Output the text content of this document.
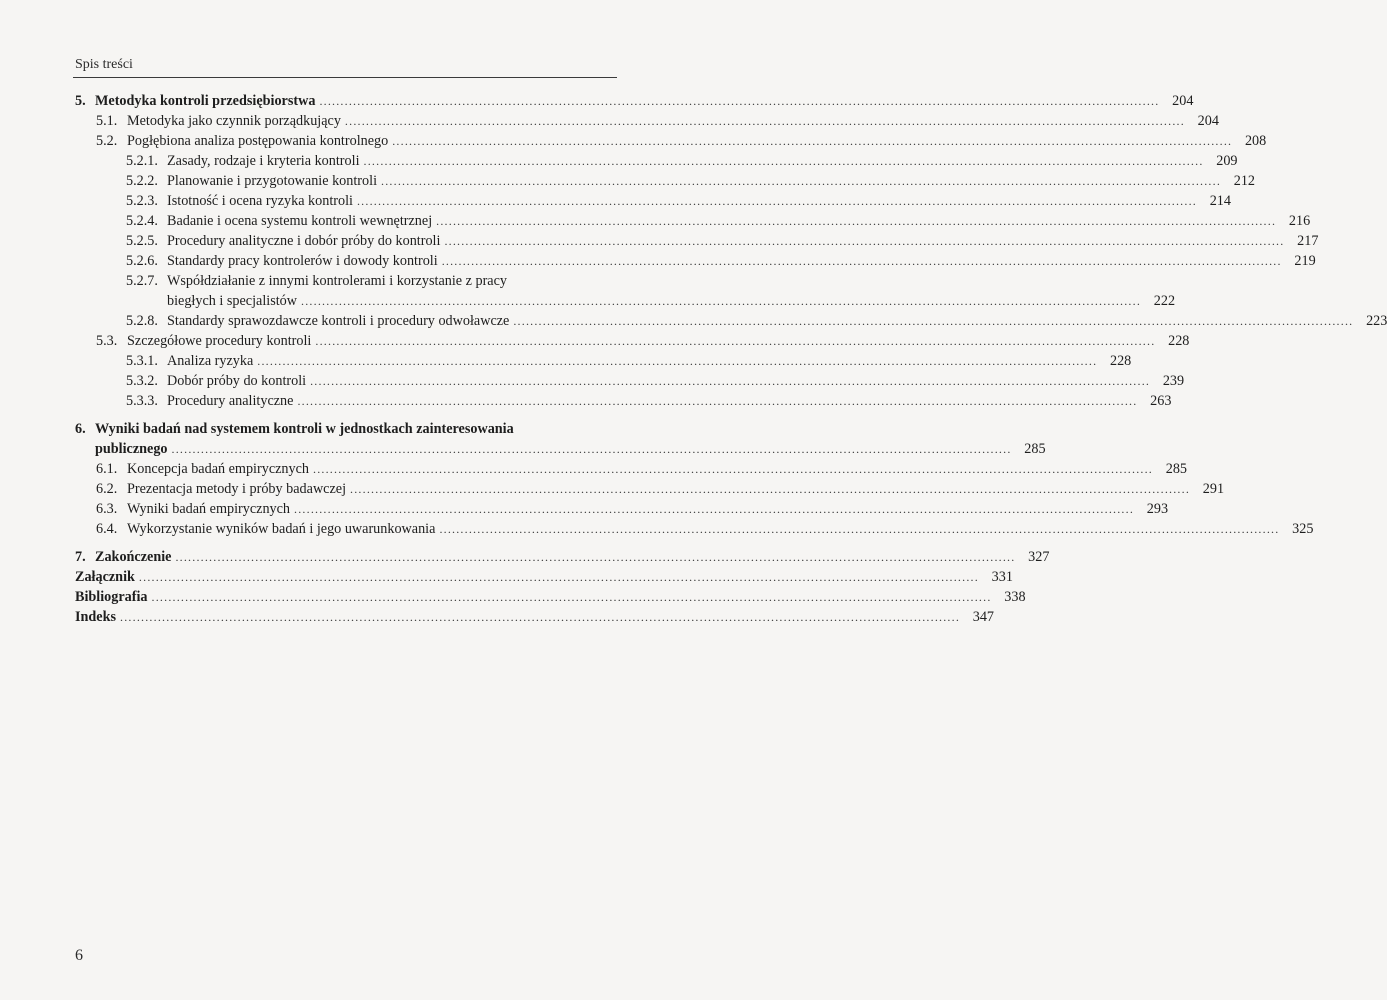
Spis treści
5. Metodyka kontroli przedsiębiorstwa ........................................................................................................................................................................................................ 204
5.1. Metodyka jako czynnik porządkujący ........................................................................................................................................................................................................ 204
5.2. Pogłębiona analiza postępowania kontrolnego ........................................................................................................................................................................................................ 208
5.2.1. Zasady, rodzaje i kryteria kontroli ........................................................................................................................................................................................................ 209
5.2.2. Planowanie i przygotowanie kontroli ........................................................................................................................................................................................................ 212
5.2.3. Istotność i ocena ryzyka kontroli ........................................................................................................................................................................................................ 214
5.2.4. Badanie i ocena systemu kontroli wewnętrznej ........................................................................................................................................................................................................ 216
5.2.5. Procedury analityczne i dobór próby do kontroli ........................................................................................................................................................................................................ 217
5.2.6. Standardy pracy kontrolerów i dowody kontroli ........................................................................................................................................................................................................ 219
5.2.7. Współdziałanie z innymi kontrolerami i korzystanie z pracy
biegłych i specjalistów ........................................................................................................................................................................................................ 222
5.2.8. Standardy sprawozdawcze kontroli i procedury odwoławcze ........................................................................................................................................................................................................ 223
5.3. Szczegółowe procedury kontroli ........................................................................................................................................................................................................ 228
5.3.1. Analiza ryzyka ........................................................................................................................................................................................................ 228
5.3.2. Dobór próby do kontroli ........................................................................................................................................................................................................ 239
5.3.3. Procedury analityczne ........................................................................................................................................................................................................ 263
6. Wyniki badań nad systemem kontroli w jednostkach zainteresowania
publicznego ........................................................................................................................................................................................................ 285
6.1. Koncepcja badań empirycznych ........................................................................................................................................................................................................ 285
6.2. Prezentacja metody i próby badawczej ........................................................................................................................................................................................................ 291
6.3. Wyniki badań empirycznych ........................................................................................................................................................................................................ 293
6.4. Wykorzystanie wyników badań i jego uwarunkowania ........................................................................................................................................................................................................ 325
7. Zakończenie ........................................................................................................................................................................................................ 327
Załącznik ........................................................................................................................................................................................................ 331
Bibliografia ........................................................................................................................................................................................................ 338
Indeks ........................................................................................................................................................................................................ 347
6
